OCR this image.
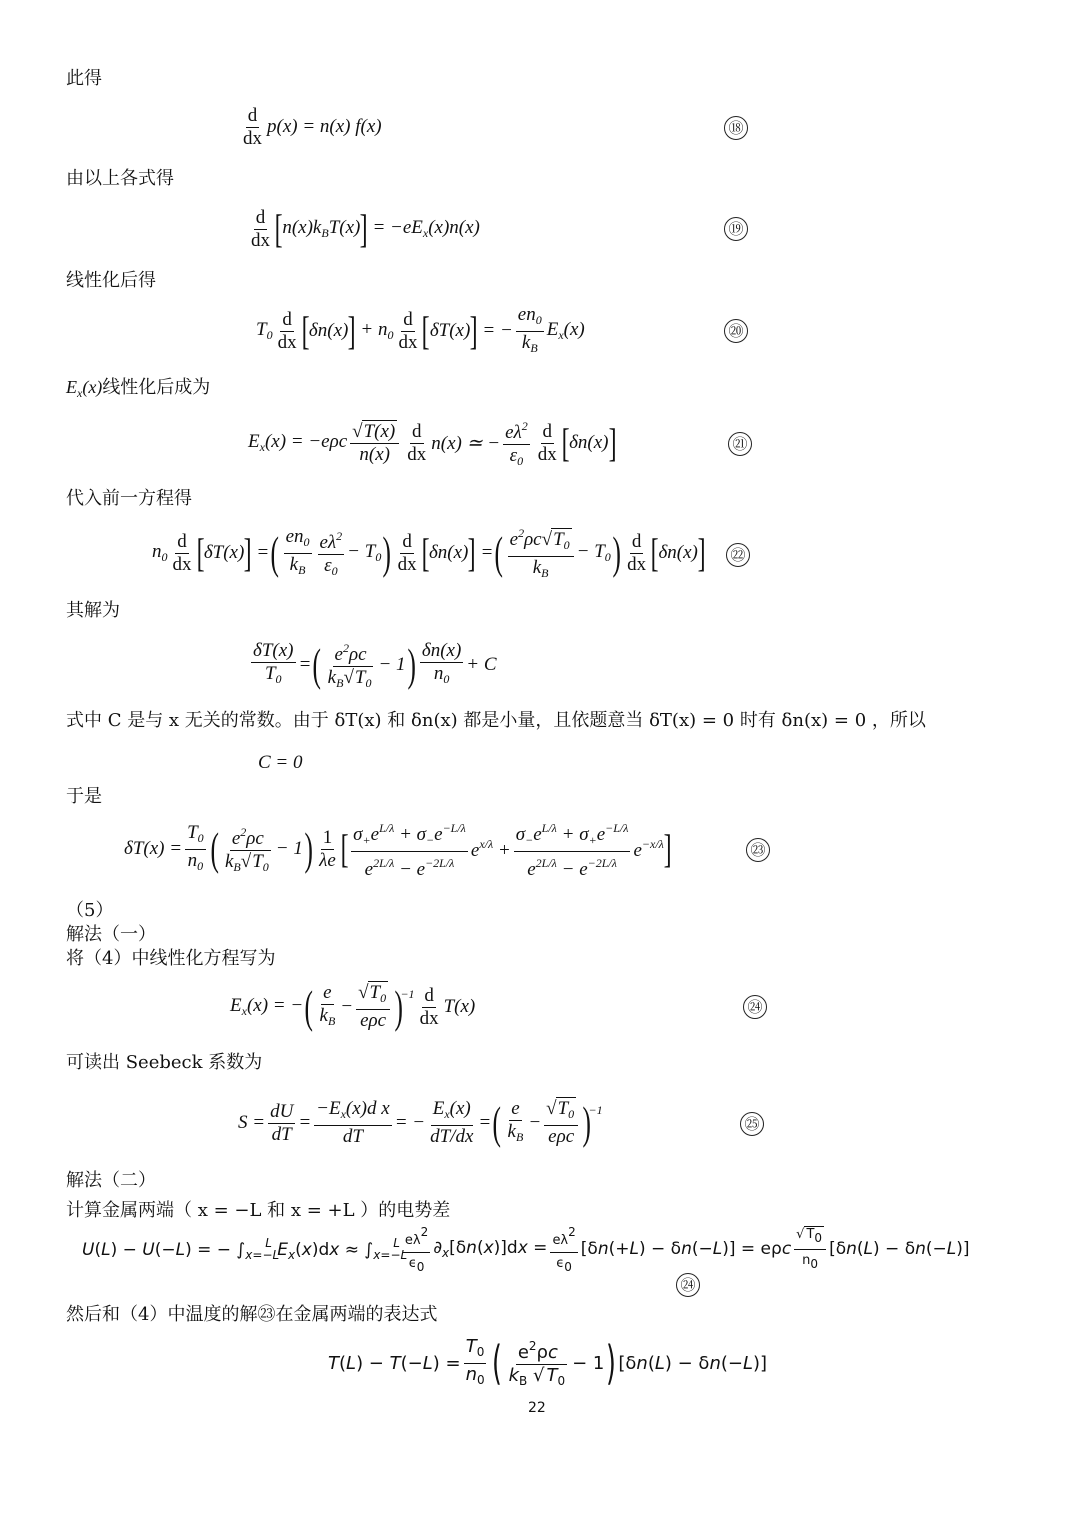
此得
$\frac{d}{dx} p(x) = n(x)$ f(x)	⑱
由以上各式得
$\frac{d}{dx}$ [ $n(x)k_BT(x)$ ] = $-eE_x(x)n(x)$	⑲
线性化后得
$T_0 \frac{d}{dx}$ [ δn(x) ] + $n_0 \frac{d}{dx}$ [ δT(x) ] = − $\frac{en_0}{k_B} E_x(x)$	⑳
$E_x(x)$线性化后成为
$E_x(x) = -e\rho c \frac{√T(x)}{n(x)} \frac{d}{dx} n(x)$ ≃ − $\frac{e\lambda^2}{\varepsilon_0} \frac{d}{dx}$ [ δn(x) ]	㉑
代入前一方程得
$n_0 \frac{d}{dx}$ [ δT(x) ] = ( $\frac{en_0}{k_B} \frac{e\lambda^2}{\varepsilon_0} - T_0$ ) $\frac{d}{dx}$ [ δn(x) ] = ( $\frac{e^2\rho c√T_0}{k_B} - T_0$ ) $\frac{d}{dx}$ [ δn(x) ] ㉒
其解为
$\frac{\delta T(x)}{T_0}$ = ( $\frac{e^2\rho c}{k_B√T_0} - 1$ ) $\frac{\delta n(x)}{n_0} + C$
式中 C 是与 x 无关的常数。由于 δT(x) 和 δn(x) 都是小量，且依题意当 δT(x) = 0 时有 δn(x) = 0 ，所以
C = 0
于是
$\delta T(x) = \frac{T_0}{n_0}$ ( $\frac{e^2\rho c}{k_B√T_0} - 1$ ) $\frac{1}{\lambda e}$ [ $\frac{\sigma_+e^{L/\lambda} + \sigma_-e^{-L/\lambda}}{e^{2L/\lambda} - e^{-2L/\lambda}} e^{x/\lambda} + \frac{\sigma_-e^{L/\lambda} + \sigma_+e^{-L/\lambda}}{e^{2L/\lambda} - e^{-2L/\lambda}} e^{-x/\lambda}$ ]	㉓
（5）
解法（一）
将（4）中线性化方程写为
$E_x(x)$ = − ( $\frac{e}{k_B} - \frac{√T_0}{\text{eρc}}$ )
$-1 \frac{d}{dx} T(x)$	㉔
可读出 Seebeck 系数为
$S = \frac{dU}{dT} = \frac{-E_x(x)d x}{dT}$ = − $\frac{E_x(x)}{dT/dx}$ = ( $\frac{e}{k_B} - \frac{√T_0}{\text{eρc}}$ )
−1
㉕
解法（二）
计算金属两端（ x = −L 和 x = +L ）的电势差
U(L) − U(−L) = − $\int_{x=-L}^L$ $E_x(x)dx \approx \int_{x=-L}^L \frac{e\lambda^2}{\epsilon_0} \partial_x[\delta n(x)]dx = \frac{e\lambda^2}{\epsilon_0} [\delta n(+L) - \delta n(-L)] = e\rho c \frac{√ T_0}{n_0} [\delta n(L) - \delta n(-L)]$
㉔
然后和（4）中温度的解㉓在金属两端的表达式
$T(L) - T(-L) = \frac{T_0}{n_0}$ ( $\frac{e^2\rho c}{k_B √ T_0} - 1$ ) [δn(L) − δn(−L)]
22
